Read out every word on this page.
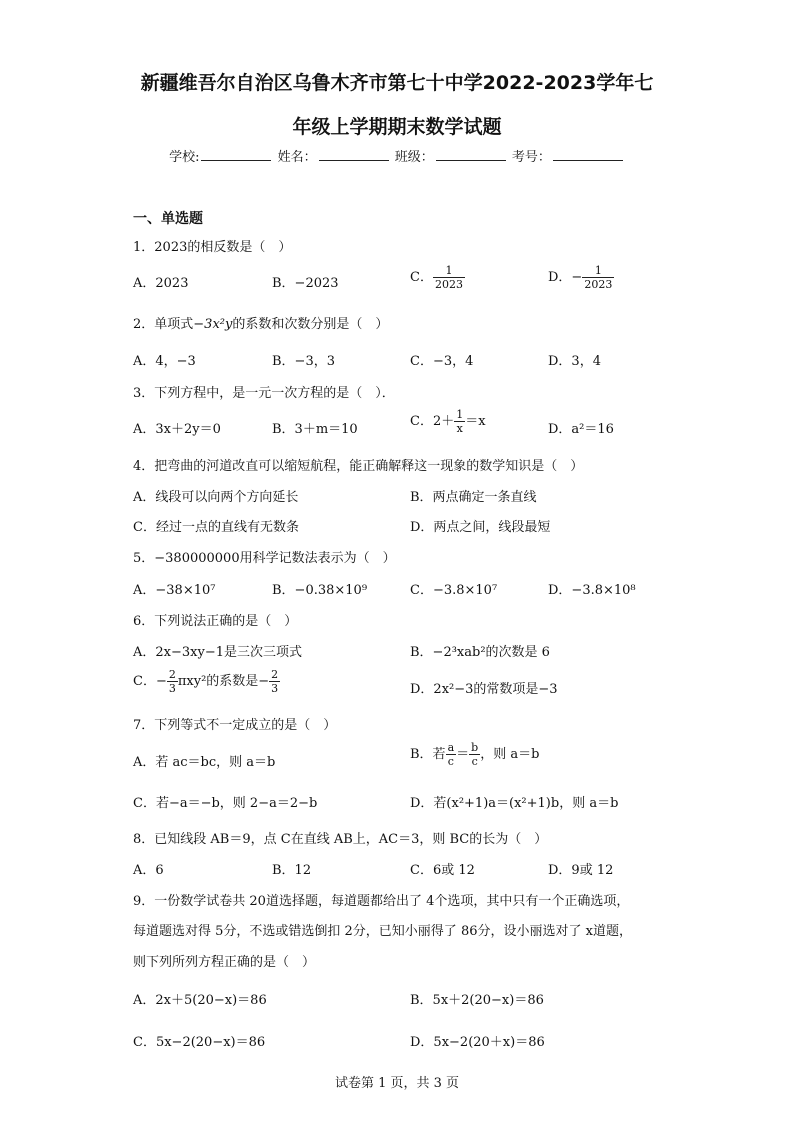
新疆维吾尔自治区乌鲁木齐市第七十中学2022-2023学年七
年级上学期期末数学试题
学校:	姓名：	班级：	考号：
一、单选题
1．2023的相反数是（　）
A．2023	B．−2023	C． $\frac{1}{2023}$	D．− $\frac{1}{2023}$
2．单项式−3x²y的系数和次数分别是（　）
A．4，−3	B．−3，3	C．−3，4	D．3，4
3．下列方程中，是一元一次方程的是（　）．
A．3x＋2y＝0	B．3＋m＝10
C．$2+ \frac{1}{x} =x$
D．a²＝16
4．把弯曲的河道改直可以缩短航程，能正确解释这一现象的数学知识是（　）
A．线段可以向两个方向延长	B．两点确定一条直线
C．经过一点的直线有无数条	D．两点之间，线段最短
5．−380000000用科学记数法表示为（　）
A．−38×10⁷	B．−0.38×10⁹	C．−3.8×10⁷	D．−3.8×10⁸
6．下列说法正确的是（　）
A．2x−3xy−1是三次三项式	B．−2³xab²的次数是 6
C．− $\frac{2}{3} \pi xy^2$的系数是− $\frac{2}{3}$	D．2x²−3的常数项是−3
7．下列等式不一定成立的是（　）
A．若 ac＝bc，则 a＝b
B．若 $\frac{a}{c} = \frac{b}{c}$ ，则 a＝b
C．若−a＝−b，则 2−a＝2−b	D．若(x²+1)a＝(x²+1)b，则 a＝b
8．已知线段 AB＝9，点 C在直线 AB上，AC＝3，则 BC的长为（　）
A．6	B．12	C．6或 12	D．9或 12
9．一份数学试卷共 20道选择题，每道题都给出了 4个选项，其中只有一个正确选项，
每道题选对得 5分，不选或错选倒扣 2分，已知小丽得了 86分，设小丽选对了 x道题，
则下列所列方程正确的是（　）
A．2x＋5(20−x)＝86	B．5x＋2(20−x)＝86
C．5x−2(20−x)＝86	D．5x−2(20＋x)＝86
试卷第 1 页，共 3 页
